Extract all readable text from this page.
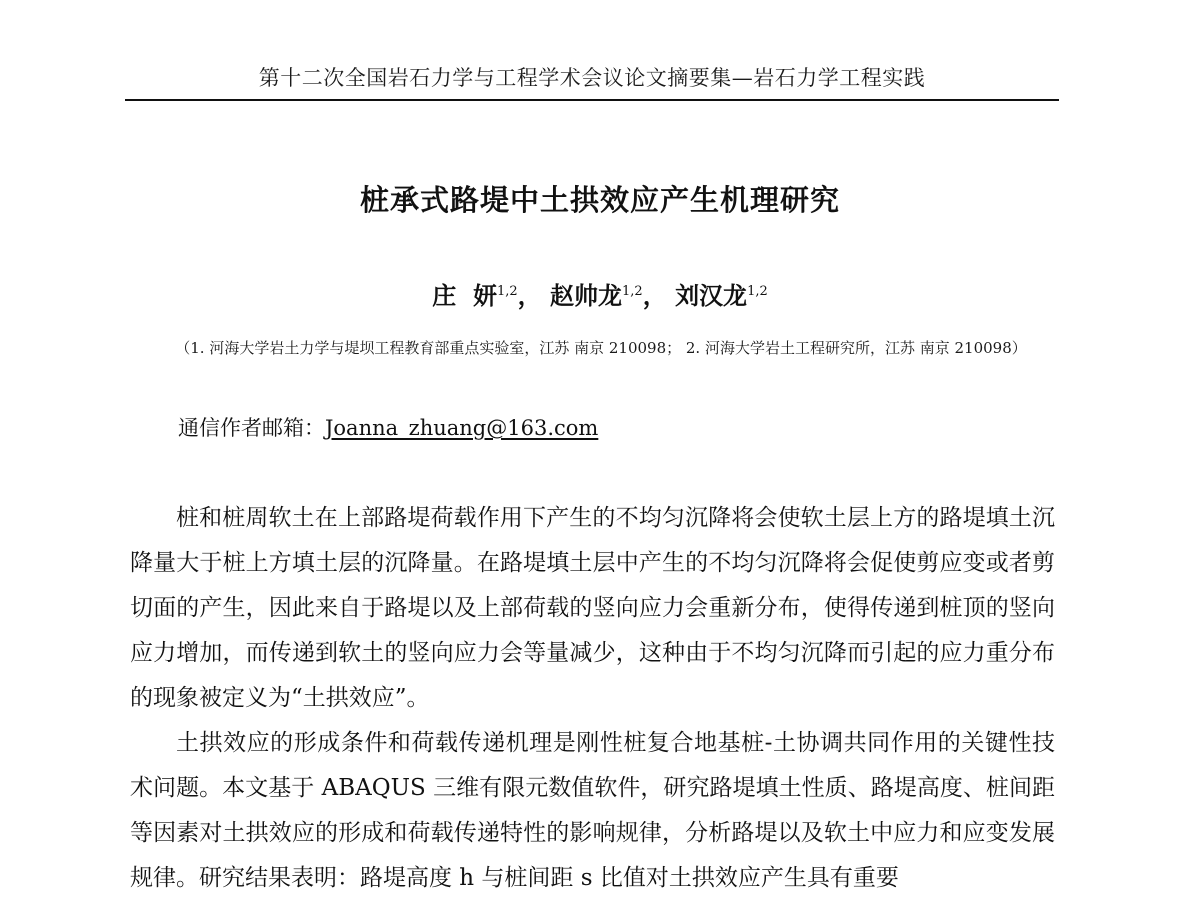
第十二次全国岩石力学与工程学术会议论文摘要集—岩石力学工程实践
桩承式路堤中土拱效应产生机理研究
庄  妍$^{1,2}$， 赵帅龙$^{1,2}$， 刘汉龙$^{1,2}$
（1. 河海大学岩土力学与堤坝工程教育部重点实验室，江苏 南京 210098； 2. 河海大学岩土工程研究所，江苏 南京 210098）
通信作者邮箱：Joanna_zhuang@163.com

桩和桩周软土在上部路堤荷载作用下产生的不均匀沉降将会使软土层上方的路堤填土沉降量大于桩上方填土层的沉降量。在路堤填土层中产生的不均匀沉降将会促使剪应变或者剪切面的产生，因此来自于路堤以及上部荷载的竖向应力会重新分布，使得传递到桩顶的竖向应力增加，而传递到软土的竖向应力会等量减少，这种由于不均匀沉降而引起的应力重分布的现象被定义为“土拱效应”。

土拱效应的形成条件和荷载传递机理是刚性桩复合地基桩-土协调共同作用的关键性技术问题。本文基于 ABAQUS 三维有限元数值软件，研究路堤填土性质、路堤高度、桩间距等因素对土拱效应的形成和荷载传递特性的影响规律，分析路堤以及软土中应力和应变发展规律。研究结果表明：路堤高度 h 与桩间距 s 比值对土拱效应产生具有重要
